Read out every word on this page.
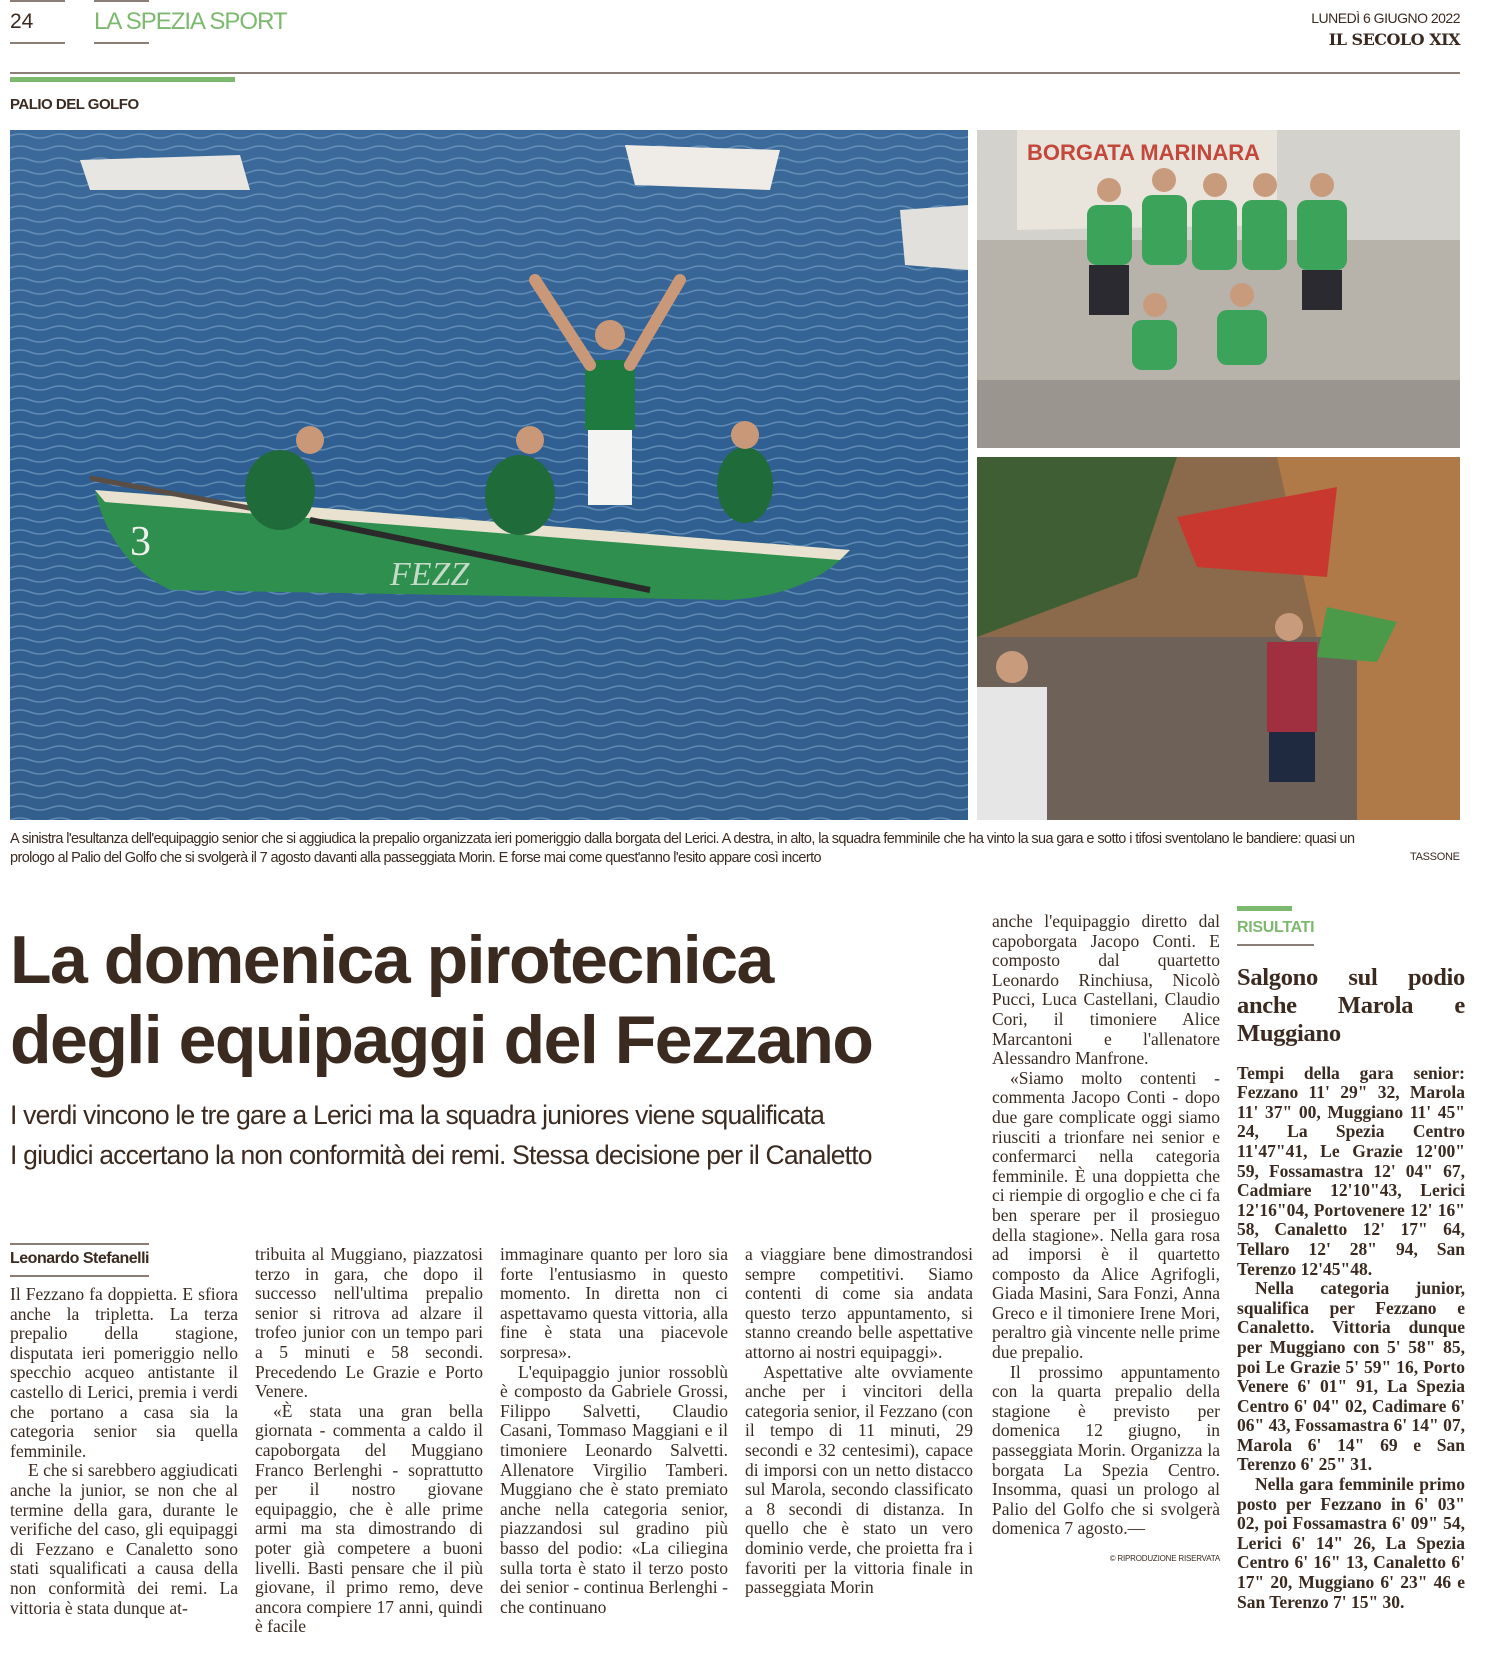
24	LA SPEZIA SPORT	LUNEDÌ 6 GIUGNO 2022
IL SECOLO XIX
PALIO DEL GOLFO
3
FEZZ
BORGATA MARINARA
A sinistra l'esultanza dell'equipaggio senior che si aggiudica la prepalio organizzata ieri pomeriggio dalla borgata del Lerici. A destra, in alto, la squadra femminile che ha vinto la sua gara e sotto i tifosi sventolano le bandiere: quasi un prologo al Palio del Golfo che si svolgerà il 7 agosto davanti alla passeggiata Morin. E forse mai come quest'anno l'esito appare così incerto	TASSONE
La domenica pirotecnica
degli equipaggi del Fezzano
I verdi vincono le tre gare a Lerici ma la squadra juniores viene squalificata
I giudici accertano la non conformità dei remi. Stessa decisione per il Canaletto
Leonardo Stefanelli

Il Fezzano fa doppietta. E sfiora anche la tripletta. La terza prepalio della stagione, disputata ieri pomeriggio nello specchio acqueo antistante il castello di Lerici, premia i verdi che portano a casa sia la categoria senior sia quella femminile.

E che si sarebbero aggiudicati anche la junior, se non che al termine della gara, durante le verifiche del caso, gli equipaggi di Fezzano e Canaletto sono stati squalificati a causa della non conformità dei remi. La vittoria è stata dunque at-

tribuita al Muggiano, piazzatosi terzo in gara, che dopo il successo nell'ultima prepalio senior si ritrova ad alzare il trofeo junior con un tempo pari a 5 minuti e 58 secondi. Precedendo Le Grazie e Porto Venere.

«È stata una gran bella giornata - commenta a caldo il capoborgata del Muggiano Franco Berlenghi - soprattutto per il nostro giovane equipaggio, che è alle prime armi ma sta dimostrando di poter già competere a buoni livelli. Basti pensare che il più giovane, il primo remo, deve ancora compiere 17 anni, quindi è facile

immaginare quanto per loro sia forte l'entusiasmo in questo momento. In diretta non ci aspettavamo questa vittoria, alla fine è stata una piacevole sorpresa».

L'equipaggio junior rossoblù è composto da Gabriele Grossi, Filippo Salvetti, Claudio Casani, Tommaso Maggiani e il timoniere Leonardo Salvetti. Allenatore Virgilio Tamberi. Muggiano che è stato premiato anche nella categoria senior, piazzandosi sul gradino più basso del podio: «La ciliegina sulla torta è stato il terzo posto dei senior - continua Berlenghi - che continuano

a viaggiare bene dimostrandosi sempre competitivi. Siamo contenti di come sia andata questo terzo appuntamento, si stanno creando belle aspettative attorno ai nostri equipaggi».

Aspettative alte ovviamente anche per i vincitori della categoria senior, il Fezzano (con il tempo di 11 minuti, 29 secondi e 32 centesimi), capace di imporsi con un netto distacco sul Marola, secondo classificato a 8 secondi di distanza. In quello che è stato un vero dominio verde, che proietta fra i favoriti per la vittoria finale in passeggiata Morin

anche l'equipaggio diretto dal capoborgata Jacopo Conti. E composto dal quartetto Leonardo Rinchiusa, Nicolò Pucci, Luca Castellani, Claudio Cori, il timoniere Alice Marcantoni e l'allenatore Alessandro Manfrone.

«Siamo molto contenti - commenta Jacopo Conti - dopo due gare complicate oggi siamo riusciti a trionfare nei senior e confermarci nella categoria femminile. È una doppietta che ci riempie di orgoglio e che ci fa ben sperare per il prosieguo della stagione». Nella gara rosa ad imporsi è il quartetto composto da Alice Agrifogli, Giada Masini, Sara Fonzi, Anna Greco e il timoniere Irene Mori, peraltro già vincente nelle prime due prepalio.

Il prossimo appuntamento con la quarta prepalio della stagione è previsto per domenica 12 giugno, in passeggiata Morin. Organizza la borgata La Spezia Centro. Insomma, quasi un prologo al Palio del Golfo che si svolgerà domenica 7 agosto.—

© RIPRODUZIONE RISERVATA
RISULTATI
Salgono sul podio anche Marola e Muggiano

Tempi della gara senior: Fezzano 11' 29" 32, Marola 11' 37" 00, Muggiano 11' 45" 24, La Spezia Centro 11'47"41, Le Grazie 12'00" 59, Fossamastra 12' 04" 67, Cadmiare 12'10"43, Lerici 12'16"04, Portovenere 12' 16" 58, Canaletto 12' 17" 64, Tellaro 12' 28" 94, San Terenzo 12'45"48.

Nella categoria junior, squalifica per Fezzano e Canaletto. Vittoria dunque per Muggiano con 5' 58" 85, poi Le Grazie 5' 59" 16, Porto Venere 6' 01" 91, La Spezia Centro 6' 04" 02, Cadimare 6' 06" 43, Fossamastra 6' 14" 07, Marola 6' 14" 69 e San Terenzo 6' 25" 31.

Nella gara femminile primo posto per Fezzano in 6' 03" 02, poi Fossamastra 6' 09" 54, Lerici 6' 14" 26, La Spezia Centro 6' 16" 13, Canaletto 6' 17" 20, Muggiano 6' 23" 46 e San Terenzo 7' 15" 30.
